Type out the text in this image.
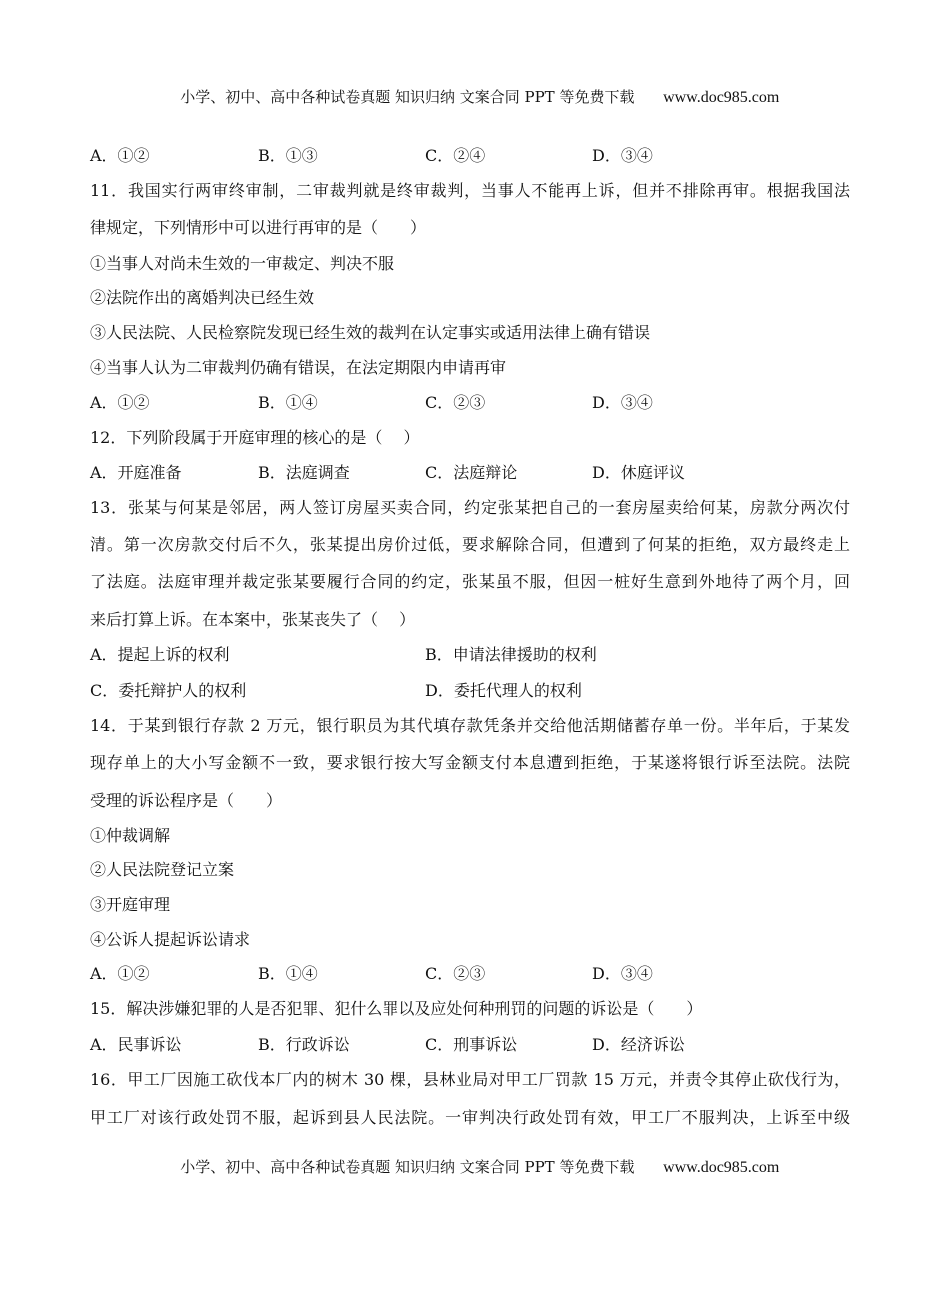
小学、初中、高中各种试卷真题 知识归纳 文案合同 PPT 等免费下载 www.doc985.com

A．①②	B．①③	C．②④	D．③④
11．我国实行两审终审制，二审裁判就是终审裁判，当事人不能再上诉，但并不排除再审。根据我国法
律规定，下列情形中可以进行再审的是（　　）
①当事人对尚未生效的一审裁定、判决不服
②法院作出的离婚判决已经生效
③人民法院、人民检察院发现已经生效的裁判在认定事实或适用法律上确有错误
④当事人认为二审裁判仍确有错误，在法定期限内申请再审
A．①②	B．①④	C．②③	D．③④
12．下列阶段属于开庭审理的核心的是（　 ）
A．开庭准备	B．法庭调查	C．法庭辩论	D．休庭评议
13．张某与何某是邻居，两人签订房屋买卖合同，约定张某把自己的一套房屋卖给何某，房款分两次付
清。第一次房款交付后不久，张某提出房价过低，要求解除合同，但遭到了何某的拒绝，双方最终走上
了法庭。法庭审理并裁定张某要履行合同的约定，张某虽不服，但因一桩好生意到外地待了两个月，回
来后打算上诉。在本案中，张某丧失了（　 ）
A．提起上诉的权利	B．申请法律援助的权利
C．委托辩护人的权利	D．委托代理人的权利
14．于某到银行存款 2 万元，银行职员为其代填存款凭条并交给他活期储蓄存单一份。半年后，于某发
现存单上的大小写金额不一致，要求银行按大写金额支付本息遭到拒绝，于某遂将银行诉至法院。法院
受理的诉讼程序是（　　）
①仲裁调解
②人民法院登记立案
③开庭审理
④公诉人提起诉讼请求
A．①②	B．①④	C．②③	D．③④
15．解决涉嫌犯罪的人是否犯罪、犯什么罪以及应处何种刑罚的问题的诉讼是（　　）
A．民事诉讼	B．行政诉讼	C．刑事诉讼	D．经济诉讼
16．甲工厂因施工砍伐本厂内的树木 30 棵，县林业局对甲工厂罚款 15 万元，并责令其停止砍伐行为，
甲工厂对该行政处罚不服，起诉到县人民法院。一审判决行政处罚有效，甲工厂不服判决，上诉至中级

小学、初中、高中各种试卷真题 知识归纳 文案合同 PPT 等免费下载 www.doc985.com
